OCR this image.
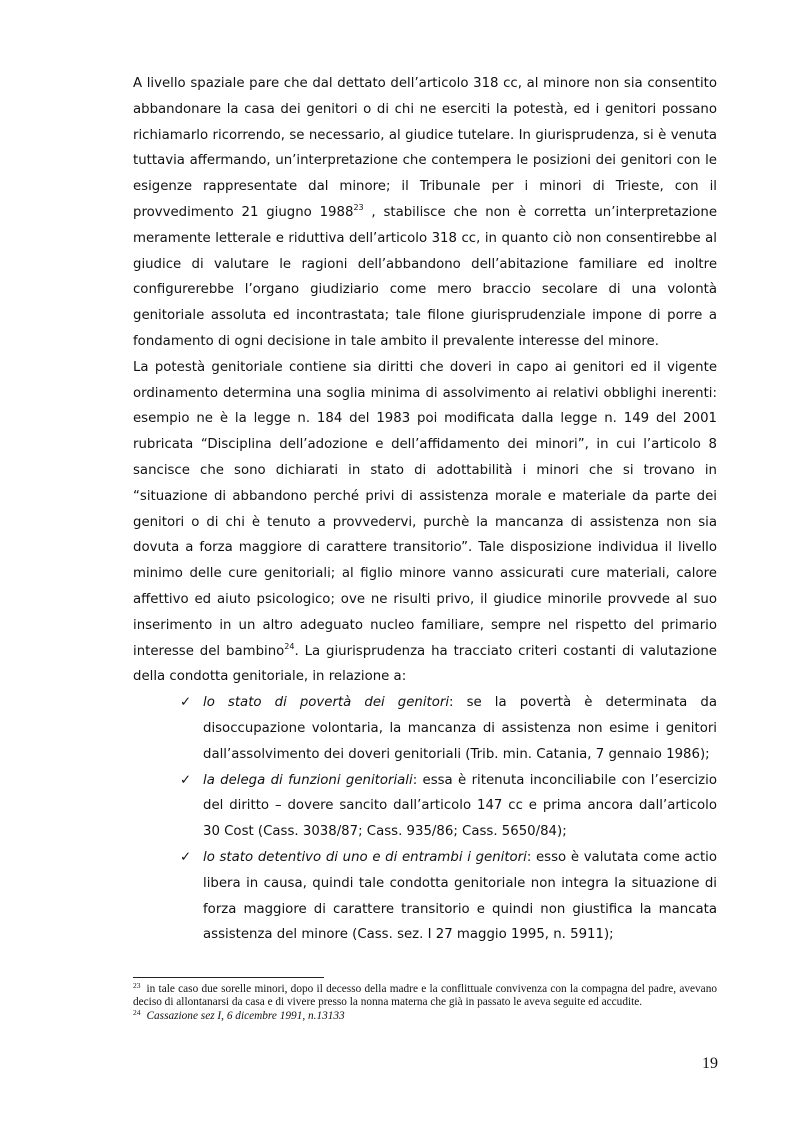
A livello spaziale pare che dal dettato dell’articolo 318 cc, al minore non sia consentito abbandonare la casa dei genitori o di chi ne eserciti la potestà, ed i genitori possano richiamarlo ricorrendo, se necessario, al giudice tutelare. In giurisprudenza, si è venuta tuttavia affermando, un’interpretazione che contempera le posizioni dei genitori con le esigenze rappresentate dal minore; il Tribunale per i minori di Trieste, con il provvedimento 21 giugno 1988$^{23}$ , stabilisce che non è corretta un’interpretazione meramente letterale e riduttiva dell’articolo 318 cc, in quanto ciò non consentirebbe al giudice di valutare le ragioni dell’abbandono dell’abitazione familiare ed inoltre configurerebbe l’organo giudiziario come mero braccio secolare di una volontà genitoriale assoluta ed incontrastata; tale filone giurisprudenziale impone di porre a fondamento di ogni decisione in tale ambito il prevalente interesse del minore.

La potestà genitoriale contiene sia diritti che doveri in capo ai genitori ed il vigente ordinamento determina una soglia minima di assolvimento ai relativi obblighi inerenti: esempio ne è la legge n. 184 del 1983 poi modificata dalla legge n. 149 del 2001 rubricata “Disciplina dell’adozione e dell’affidamento dei minori”, in cui l’articolo 8 sancisce che sono dichiarati in stato di adottabilità i minori che si trovano in “situazione di abbandono perché privi di assistenza morale e materiale da parte dei genitori o di chi è tenuto a provvedervi, purchè la mancanza di assistenza non sia dovuta a forza maggiore di carattere transitorio”. Tale disposizione individua il livello minimo delle cure genitoriali; al figlio minore vanno assicurati cure materiali, calore affettivo ed aiuto psicologico; ove ne risulti privo, il giudice minorile provvede al suo inserimento in un altro adeguato nucleo familiare, sempre nel rispetto del primario interesse del bambino$^{24}$. La giurisprudenza ha tracciato criteri costanti di valutazione della condotta genitoriale, in relazione a:

✓ lo stato di povertà dei genitori: se la povertà è determinata da disoccupazione volontaria, la mancanza di assistenza non esime i genitori dall’assolvimento dei doveri genitoriali (Trib. min. Catania, 7 gennaio 1986);
✓ la delega di funzioni genitoriali: essa è ritenuta inconciliabile con l’esercizio del diritto – dovere sancito dall’articolo 147 cc e prima ancora dall’articolo 30 Cost (Cass. 3038/87; Cass. 935/86; Cass. 5650/84);
✓ lo stato detentivo di uno e di entrambi i genitori: esso è valutata come actio libera in causa, quindi tale condotta genitoriale non integra la situazione di forza maggiore di carattere transitorio e quindi non giustifica la mancata assistenza del minore (Cass. sez. I 27 maggio 1995, n. 5911);

$^{23}$ in tale caso due sorelle minori, dopo il decesso della madre e la conflittuale convivenza con la compagna del padre, avevano deciso di allontanarsi da casa e di vivere presso la nonna materna che già in passato le aveva seguite ed accudite.

$^{24}$ Cassazione sez I, 6 dicembre 1991, n.13133

19
